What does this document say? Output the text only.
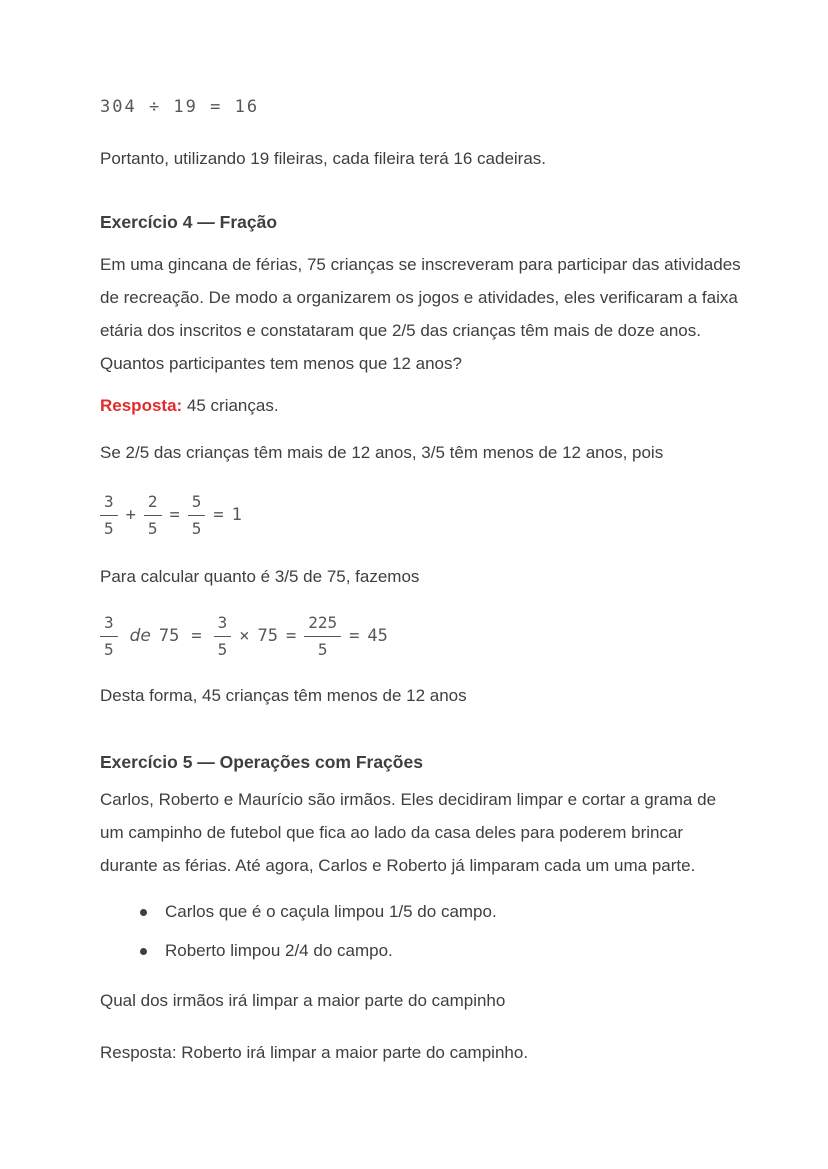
304 ÷ 19 = 16

Portanto, utilizando 19 fileiras, cada fileira terá 16 cadeiras.

Exercício 4 — Fração
Em uma gincana de férias, 75 crianças se inscreveram para participar das atividades
de recreação. De modo a organizarem os jogos e atividades, eles verificaram a faixa
etária dos inscritos e constataram que 2/5 das crianças têm mais de doze anos.
Quantos participantes tem menos que 12 anos?

Resposta: 45 crianças.

Se 2/5 das crianças têm mais de 12 anos, 3/5 têm menos de 12 anos, pois

$\frac{3}{5} + \frac{2}{5} = \frac{5}{5} = 1$

Para calcular quanto é 3/5 de 75, fazemos

$\frac{3}{5}$ de $75 = \frac{3}{5} \times 75 = \frac{225}{5} = 45$

Desta forma, 45 crianças têm menos de 12 anos

Exercício 5 — Operações com Frações
Carlos, Roberto e Maurício são irmãos. Eles decidiram limpar e cortar a grama de
um campinho de futebol que fica ao lado da casa deles para poderem brincar
durante as férias. Até agora, Carlos e Roberto já limparam cada um uma parte.
Carlos que é o caçula limpou 1/5 do campo.
Roberto limpou 2/4 do campo.

Qual dos irmãos irá limpar a maior parte do campinho

Resposta: Roberto irá limpar a maior parte do campinho.
